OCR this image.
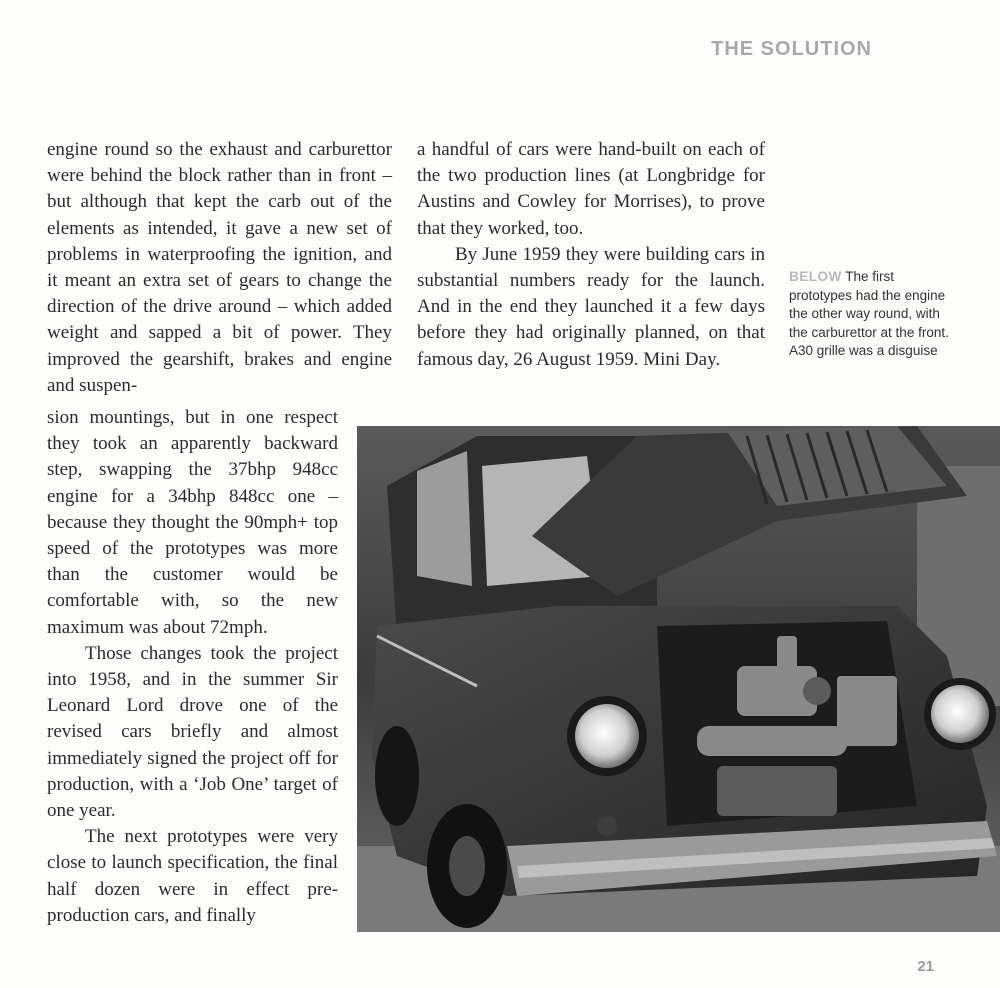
THE SOLUTION

engine round so the exhaust and carburettor were behind the block rather than in front – but although that kept the carb out of the elements as intended, it gave a new set of problems in waterproofing the ignition, and it meant an extra set of gears to change the direction of the drive around – which added weight and sapped a bit of power. They improved the gearshift, brakes and engine and suspen-

sion mountings, but in one respect they took an apparently backward step, swapping the 37bhp 948cc engine for a 34bhp 848cc one – because they thought the 90mph+ top speed of the prototypes was more than the customer would be comfortable with, so the new maximum was about 72mph.

Those changes took the project into 1958, and in the summer Sir Leonard Lord drove one of the revised cars briefly and almost immediately signed the project off for production, with a ‘Job One’ target of one year.

The next prototypes were very close to launch specification, the final half dozen were in effect pre-production cars, and finally

a handful of cars were hand-built on each of the two production lines (at Longbridge for Austins and Cowley for Morrises), to prove that they worked, too.

By June 1959 they were building cars in substantial numbers ready for the launch. And in the end they launched it a few days before they had originally planned, on that famous day, 26 August 1959. Mini Day.

BELOW The first prototypes had the engine the other way round, with the carburettor at the front. A30 grille was a disguise
21
